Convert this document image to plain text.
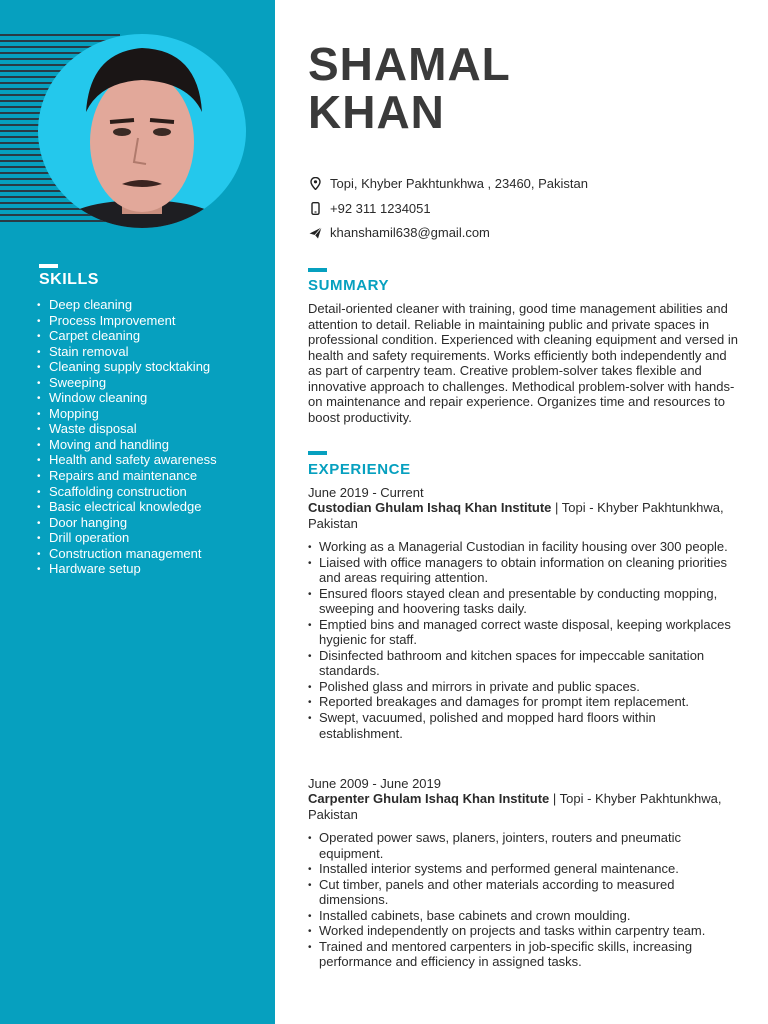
SKILLS
• Deep cleaning
• Process Improvement
• Carpet cleaning
• Stain removal
• Cleaning supply stocktaking
• Sweeping
• Window cleaning
• Mopping
• Waste disposal
• Moving and handling
• Health and safety awareness
• Repairs and maintenance
• Scaffolding construction
• Basic electrical knowledge
• Door hanging
• Drill operation
• Construction management
• Hardware setup
SHAMAL
KHAN
Topi, Khyber Pakhtunkhwa , 23460, Pakistan
+92 311 1234051
khanshamil638@gmail.com
SUMMARY

Detail-oriented cleaner with training, good time management abilities and attention to detail. Reliable in maintaining public and private spaces in professional condition. Experienced with cleaning equipment and versed in health and safety requirements. Works efficiently both independently and as part of carpentry team. Creative problem-solver takes flexible and innovative approach to challenges. Methodical problem-solver with hands-on maintenance and repair experience. Organizes time and resources to boost productivity.

EXPERIENCE
June 2019 - Current
Custodian Ghulam Ishaq Khan Institute | Topi - Khyber Pakhtunkhwa, Pakistan
• Working as a Managerial Custodian in facility housing over 300 people.
• Liaised with office managers to obtain information on cleaning priorities and areas requiring attention.
• Ensured floors stayed clean and presentable by conducting mopping, sweeping and hoovering tasks daily.
• Emptied bins and managed correct waste disposal, keeping workplaces hygienic for staff.
• Disinfected bathroom and kitchen spaces for impeccable sanitation standards.
• Polished glass and mirrors in private and public spaces.
• Reported breakages and damages for prompt item replacement.
• Swept, vacuumed, polished and mopped hard floors within establishment.
June 2009 - June 2019
Carpenter Ghulam Ishaq Khan Institute | Topi - Khyber Pakhtunkhwa, Pakistan
• Operated power saws, planers, jointers, routers and pneumatic equipment.
• Installed interior systems and performed general maintenance.
• Cut timber, panels and other materials according to measured dimensions.
• Installed cabinets, base cabinets and crown moulding.
• Worked independently on projects and tasks within carpentry team.
• Trained and mentored carpenters in job-specific skills, increasing performance and efficiency in assigned tasks.
